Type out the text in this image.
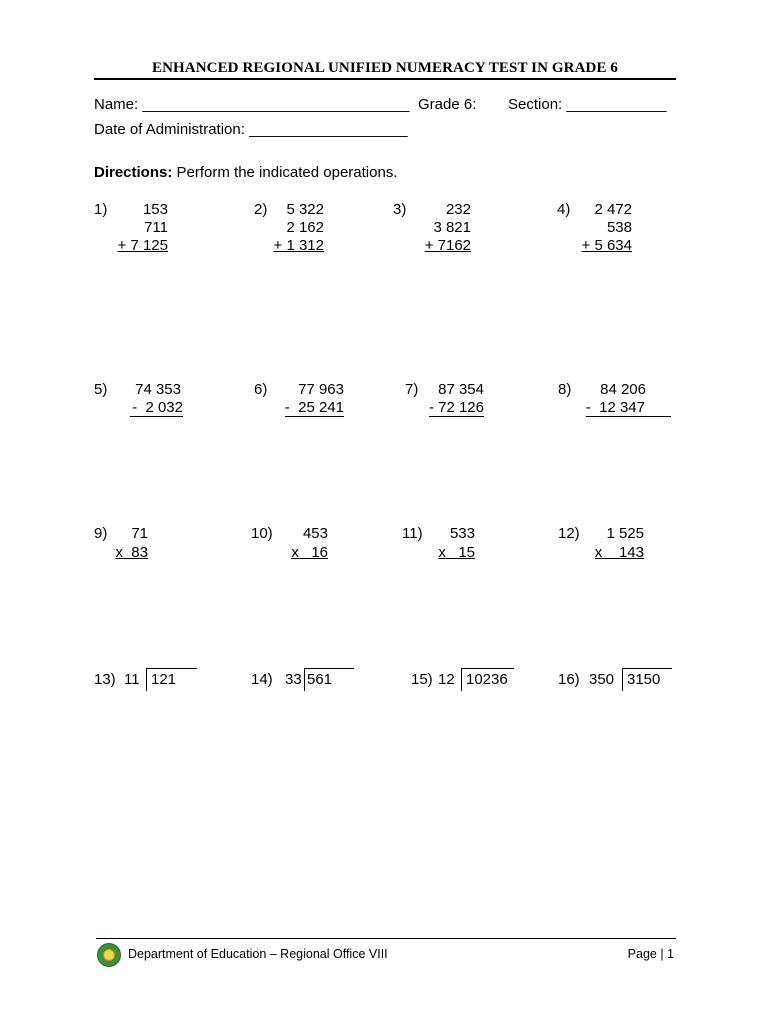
ENHANCED REGIONAL UNIFIED NUMERACY TEST IN GRADE 6
Name: ________________________________ Grade 6: Section: ____________
Date of Administration: ___________________
Directions: Perform the indicated operations.
1) 153
711
+ 7 125
2) 5 322
2 162
+ 1 312
3)	232
3 821
+ 7162
4) 2 472
538
+ 5 634
5) 74 353
-  2 032
6) 77 963
-  25 241
7) 87 354
- 72 126
8) 84 206
-  12 347
9) 71
x  83
10) 453
x   16
11) 533
x   15
12) 1 525
x    143
13) 11 121	14) 33 561	15) 12 10236	16) 350 3150
Department of Education – Regional Office VIII	Page | 1
